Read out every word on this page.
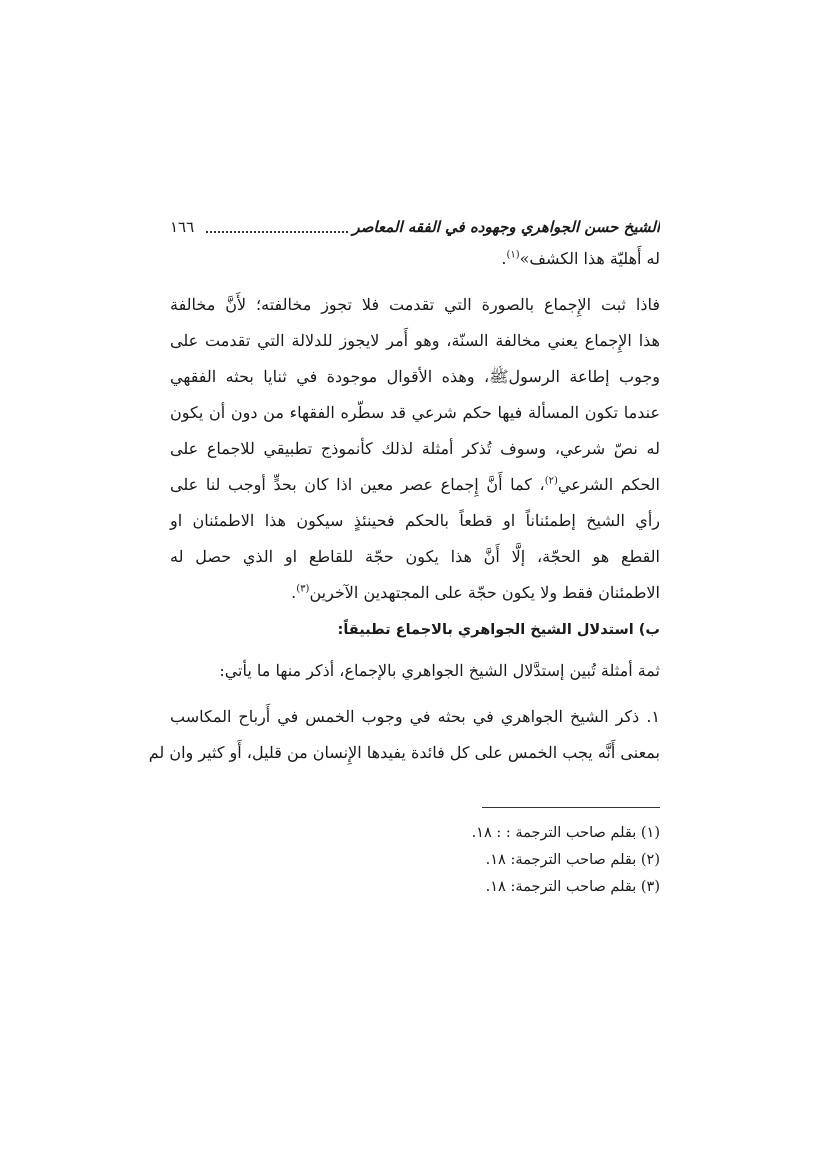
١٦٦	الشيخ حسن الجواهري وجهوده في الفقه المعاصر
له أَهليّة هذا الكشف»$^{(١)}$.
فاذا ثبت الإِجماع بالصورة التي تقدمت فلا تجوز مخالفته؛ لأَنَّ مخالفة
هذا الإِجماع يعني مخالفة السنّة، وهو أَمر لايجوز للدلالة التي تقدمت على
وجوب إطاعة الرسولﷺ، وهذه الأقوال موجودة في ثنايا بحثه الفقهي
عندما تكون المسألة فيها حكم شرعي قد سطّره الفقهاء من دون أن يكون
له نصّ شرعي، وسوف تُذكر أمثلة لذلك كأنموذج تطبيقي للاجماع على
الحكم الشرعي$^{(٢)}$، كما أَنَّ إِجماع عصر معين اذا كان بحدٍّ أوجب لنا على
رأي الشيخ إطمئناناً او قطعاً بالحكم فحينئذٍ سيكون هذا الاطمئنان او
القطع هو الحجّة، إلَّا أَنَّ هذا يكون حجّة للقاطع او الذي حصل له
الاطمئنان فقط ولا يكون حجّة على المجتهدين الآخرين$^{(٣)}$.
ب) استدلال الشيخ الجواهري بالاجماع تطبيقاً:
ثمة أمثلة تُبين إستدَّلال الشيخ الجواهري بالإجماع، أذكر منها ما يأتي:
١. ذكر الشيخ الجواهري في بحثه في وجوب الخمس في أَرباح المكاسب
بمعنى أَنَّه يجب الخمس على كل فائدة يفيدها الإِنسان من قليل، أَو كثير وان لم
(١) بقلم صاحب الترجمة : : ١٨.
(٢) بقلم صاحب الترجمة: ١٨.
(٣) بقلم صاحب الترجمة: ١٨.
